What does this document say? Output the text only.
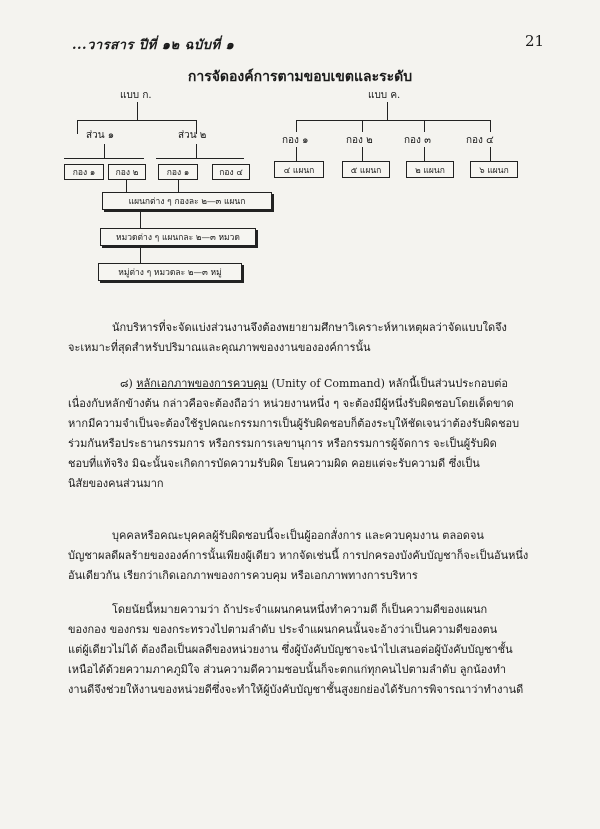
...วารสาร ปีที่ ๑๒ ฉบับที่ ๑	21
การจัดองค์การตามขอบเขตและระดับ
แบบ ก.
ส่วน ๑	ส่วน ๒
กอง ๑	กอง ๒	กอง ๑	กอง ๔
แผนกต่าง ๆ กองละ ๒—๓ แผนก
หมวดต่าง ๆ แผนกละ ๒—๓ หมวด
หมู่ต่าง ๆ หมวดละ ๒—๓ หมู่
แบบ ค.
กอง ๑	กอง ๒	กอง ๓	กอง ๔
๔ แผนก	๕ แผนก	๒ แผนก	๖ แผนก

นักบริหารที่จะจัดแบ่งส่วนงานจึงต้องพยายามศึกษาวิเคราะห์หาเหตุผลว่าจัดแบบใดจึง

จะเหมาะที่สุดสำหรับปริมาณและคุณภาพของงานขององค์การนั้น

๘) หลักเอกภาพของการควบคุม (Unity of Command) หลักนี้เป็นส่วนประกอบต่อ

เนื่องกับหลักข้างต้น กล่าวคือจะต้องถือว่า หน่วยงานหนึ่ง ๆ จะต้องมีผู้หนึ่งรับผิดชอบโดยเด็ดขาด

หากมีความจำเป็นจะต้องใช้รูปคณะกรรมการเป็นผู้รับผิดชอบก็ต้องระบุให้ชัดเจนว่าต้องรับผิดชอบ

ร่วมกันหรือประธานกรรมการ หรือกรรมการเลขานุการ หรือกรรมการผู้จัดการ จะเป็นผู้รับผิด

ชอบที่แท้จริง มิฉะนั้นจะเกิดการบัดความรับผิด โยนความผิด คอยแต่จะรับความดี ซึ่งเป็น

นิสัยของคนส่วนมาก

บุคคลหรือคณะบุคคลผู้รับผิดชอบนี้จะเป็นผู้ออกสั่งการ และควบคุมงาน ตลอดจน

บัญชาผลดีผลร้ายขององค์การนั้นเพียงผู้เดียว หากจัดเช่นนี้ การปกครองบังคับบัญชาก็จะเป็นอันหนึ่ง

อันเดียวกัน เรียกว่าเกิดเอกภาพของการควบคุม หรือเอกภาพทางการบริหาร

โดยนัยนี้หมายความว่า ถ้าประจำแผนกคนหนึ่งทำความดี ก็เป็นความดีของแผนก

ของกอง ของกรม ของกระทรวงไปตามลำดับ ประจำแผนกคนนั้นจะอ้างว่าเป็นความดีของตน

แต่ผู้เดียวไม่ได้ ต้องถือเป็นผลดีของหน่วยงาน ซึ่งผู้บังคับบัญชาจะนำไปเสนอต่อผู้บังคับบัญชาชั้น

เหนือได้ด้วยความภาคภูมิใจ ส่วนความดีความชอบนั้นก็จะตกแก่ทุกคนไปตามลำดับ ลูกน้องทำ

งานดีจึงช่วยให้งานของหน่วยดีซึ่งจะทำให้ผู้บังคับบัญชาชั้นสูงยกย่องได้รับการพิจารณาว่าทำงานดี
